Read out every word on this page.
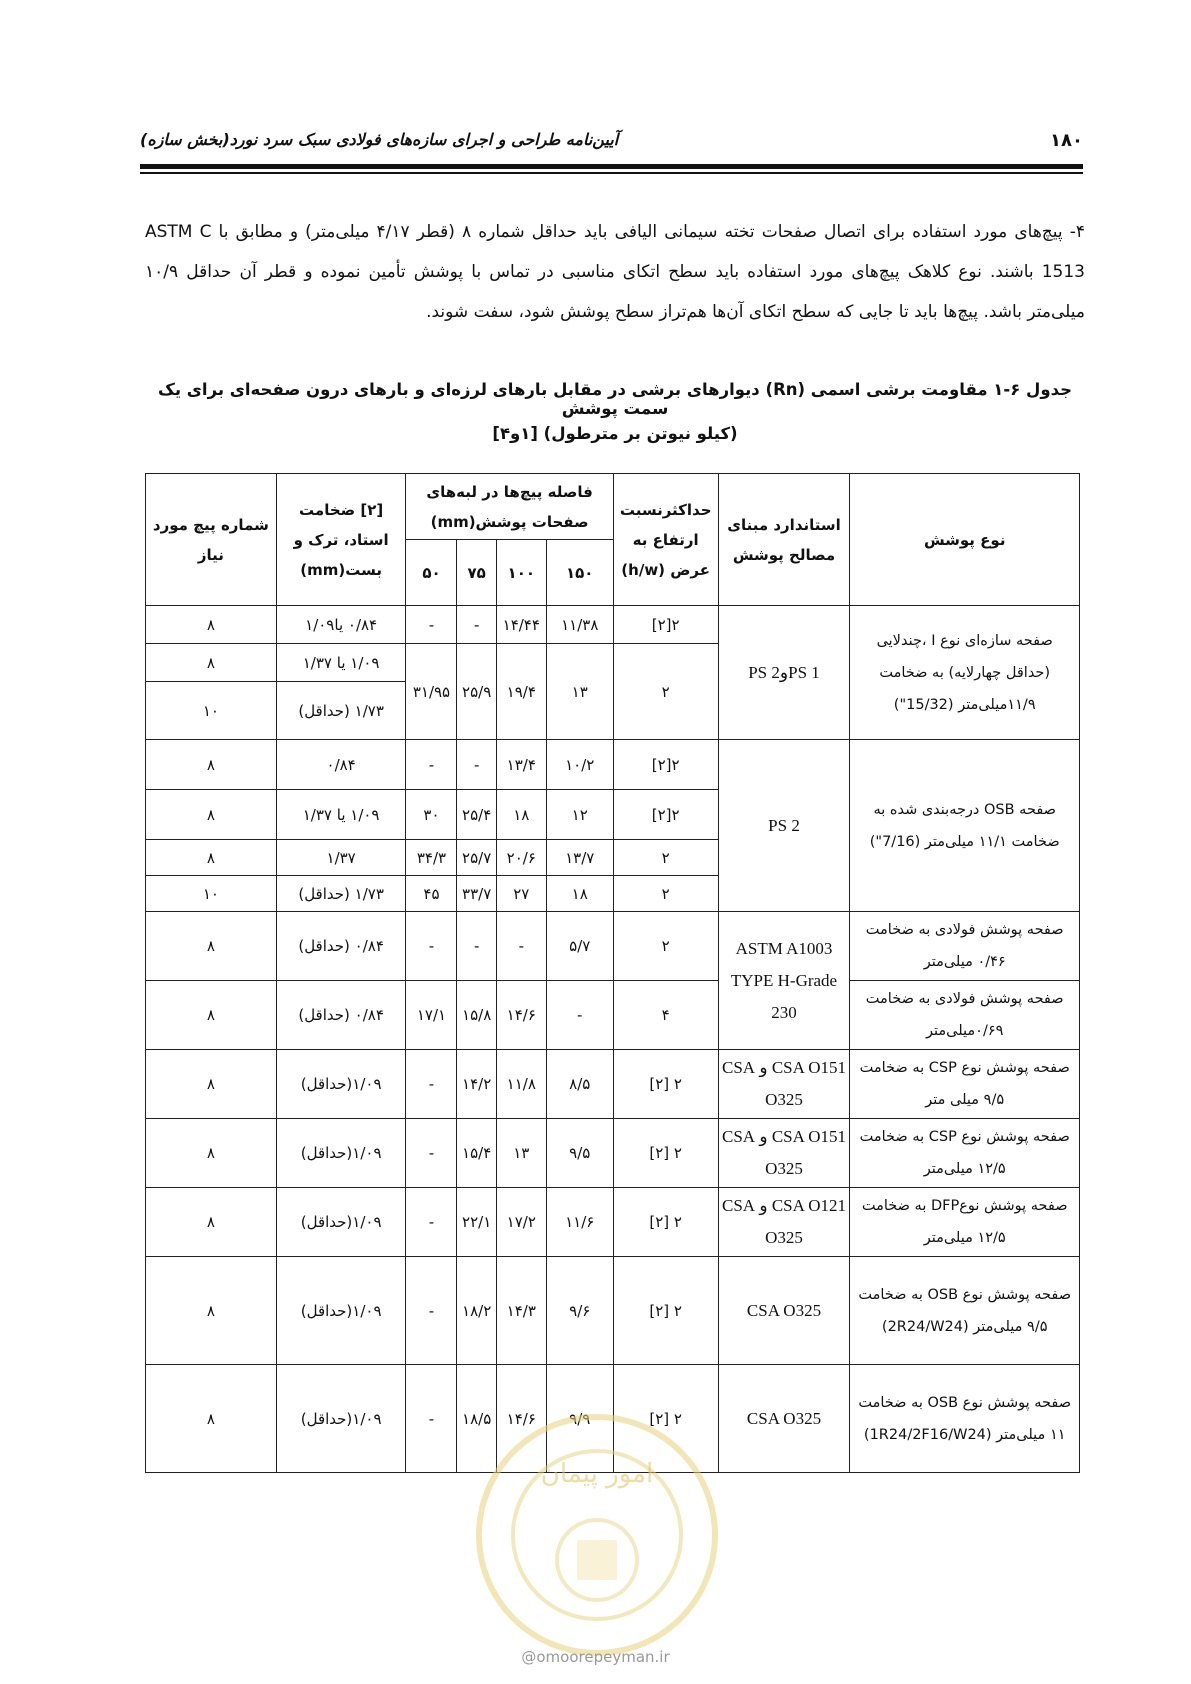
۱۸۰
آیین‌نامه طراحی و اجرای سازه‌های فولادی سبک سرد نورد(بخش سازه)

۴- پیچ‌های مورد استفاده برای اتصال صفحات تخته سیمانی الیافی باید حداقل شماره ۸ (قطر ۴/۱۷ میلی‌متر) و مطابق با ASTM C 1513 باشند. نوع کلاهک پیچ‌های مورد استفاده باید سطح اتکای مناسبی در تماس با پوشش تأمین نموده و قطر آن حداقل ۱۰/۹ میلی‌متر باشد. پیچ‌ها باید تا جایی که سطح اتکای آن‌ها هم‌تراز سطح پوشش شود، سفت شوند.

جدول ۶-۱ مقاومت برشی اسمی (Rn) دیوارهای برشی در مقابل بارهای لرزه‌ای و بارهای درون صفحه‌ای برای یک سمت پوشش
(کیلو نیوتن بر مترطول) [۱و۴]
نوع پوشش	استاندارد مبنای مصالح پوشش	حداکثرنسبت ارتفاع به عرض (h/w)	فاصله پیچ‌ها در لبه‌های صفحات پوشش(mm)				[۲] ضخامت استاد، ترک و بست(mm)	شماره پیچ مورد نیاز
			۱۵۰	۱۰۰	۷۵	۵۰		
صفحه سازه‌ای نوع I ،چندلایی (حداقل چهارلایه) به ضخامت ۱۱/۹میلی‌متر (15/32")	PS 1وPS 2	۲[۲]	۱۱/۳۸	۱۴/۴۴	-	-	۰/۸۴ یا۱/۰۹	۸
		۲	۱۳	۱۹/۴	۲۵/۹	۳۱/۹۵	۱/۰۹ یا ۱/۳۷	۸
							۱/۷۳ (حداقل)	۱۰
صفحه OSB درجه‌بندی شده به ضخامت ۱۱/۱ میلی‌متر (7/16")	PS 2	۲[۲]	۱۰/۲	۱۳/۴	-	-	۰/۸۴	۸
		۲[۲]	۱۲	۱۸	۲۵/۴	۳۰	۱/۰۹ یا ۱/۳۷	۸
		۲	۱۳/۷	۲۰/۶	۲۵/۷	۳۴/۳	۱/۳۷	۸
		۲	۱۸	۲۷	۳۳/۷	۴۵	۱/۷۳ (حداقل)	۱۰
صفحه پوشش فولادی به ضخامت ۰/۴۶ میلی‌متر	ASTM A1003 TYPE H-Grade 230	۲	۵/۷	-	-	-	۰/۸۴ (حداقل)	۸
صفحه پوشش فولادی به ضخامت ۰/۶۹میلی‌متر		۴	-	۱۴/۶	۱۵/۸	۱۷/۱	۰/۸۴ (حداقل)	۸
صفحه پوشش نوع CSP به ضخامت ۹/۵ میلی متر	CSA O151 و CSA O325	۲ [۲]	۸/۵	۱۱/۸	۱۴/۲	-	۱/۰۹(حداقل)	۸
صفحه پوشش نوع CSP به ضخامت ۱۲/۵ میلی‌متر	CSA O151 و CSA O325	۲ [۲]	۹/۵	۱۳	۱۵/۴	-	۱/۰۹(حداقل)	۸
صفحه پوشش نوعDFP به ضخامت ۱۲/۵ میلی‌متر	CSA O121 و CSA O325	۲ [۲]	۱۱/۶	۱۷/۲	۲۲/۱	-	۱/۰۹(حداقل)	۸
صفحه پوشش نوع OSB به ضخامت ۹/۵ میلی‌متر (2R24/W24)	CSA O325	۲ [۲]	۹/۶	۱۴/۳	۱۸/۲	-	۱/۰۹(حداقل)	۸
صفحه پوشش نوع OSB به ضخامت ۱۱ میلی‌متر (1R24/2F16/W24)	CSA O325	۲ [۲]	۹/۹	۱۴/۶	۱۸/۵	-	۱/۰۹(حداقل)	۸
امور پیمان
@omoorepeyman.ir
